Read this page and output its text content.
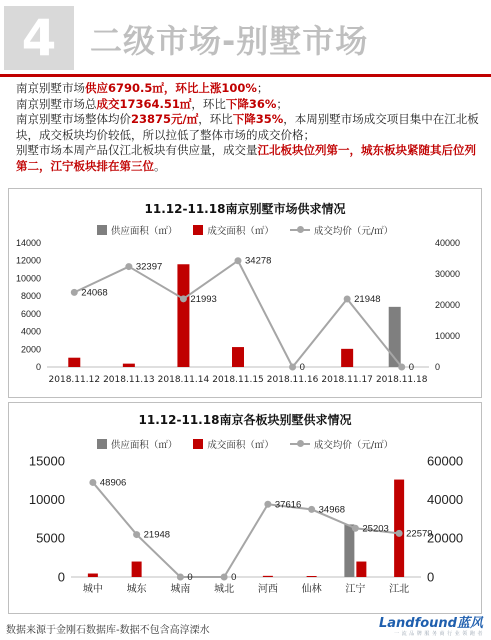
4	二级市场-别墅市场

南京别墅市场供应6790.5㎡，环比上涨100%；

南京别墅市场总成交17364.51㎡，环比下降36%；

南京别墅市场整体均价23875元/㎡，环比下降35%，本周别墅市场成交项目集中在江北板块，成交板块均价较低，所以拉低了整体市场的成交价格；

别墅市场本周产品仅江北板块有供应量，成交量江北板块位列第一，城东板块紧随其后位列第二，江宁板块排在第三位。

11.12-11.18南京别墅市场供求情况
供应面积（㎡）	成交面积（㎡）	成交均价（元/㎡）
0
2000
4000
6000
8000
10000
12000
14000
0
10000
20000
30000
40000
2018.11.12 2018.11.13 2018.11.14 2018.11.15 2018.11.16 2018.11.17 2018.11.18
24068
32397
21993
34278
0
21948
0
11.12-11.18南京各板块别墅供求情况
供应面积（㎡）	成交面积（㎡）	成交均价（元/㎡）
0
5000
10000
15000
0
20000
40000
60000
城中 城东 城南 城北 河西 仙林 江宁 江北
48906
21948
0	0
37616 34968
25203 22579
数据来源于金刚石数据库-数据不包含高淳溧水	Landfound蓝风
一 流 品 牌 服 务 商 行 业 领 跑 者
